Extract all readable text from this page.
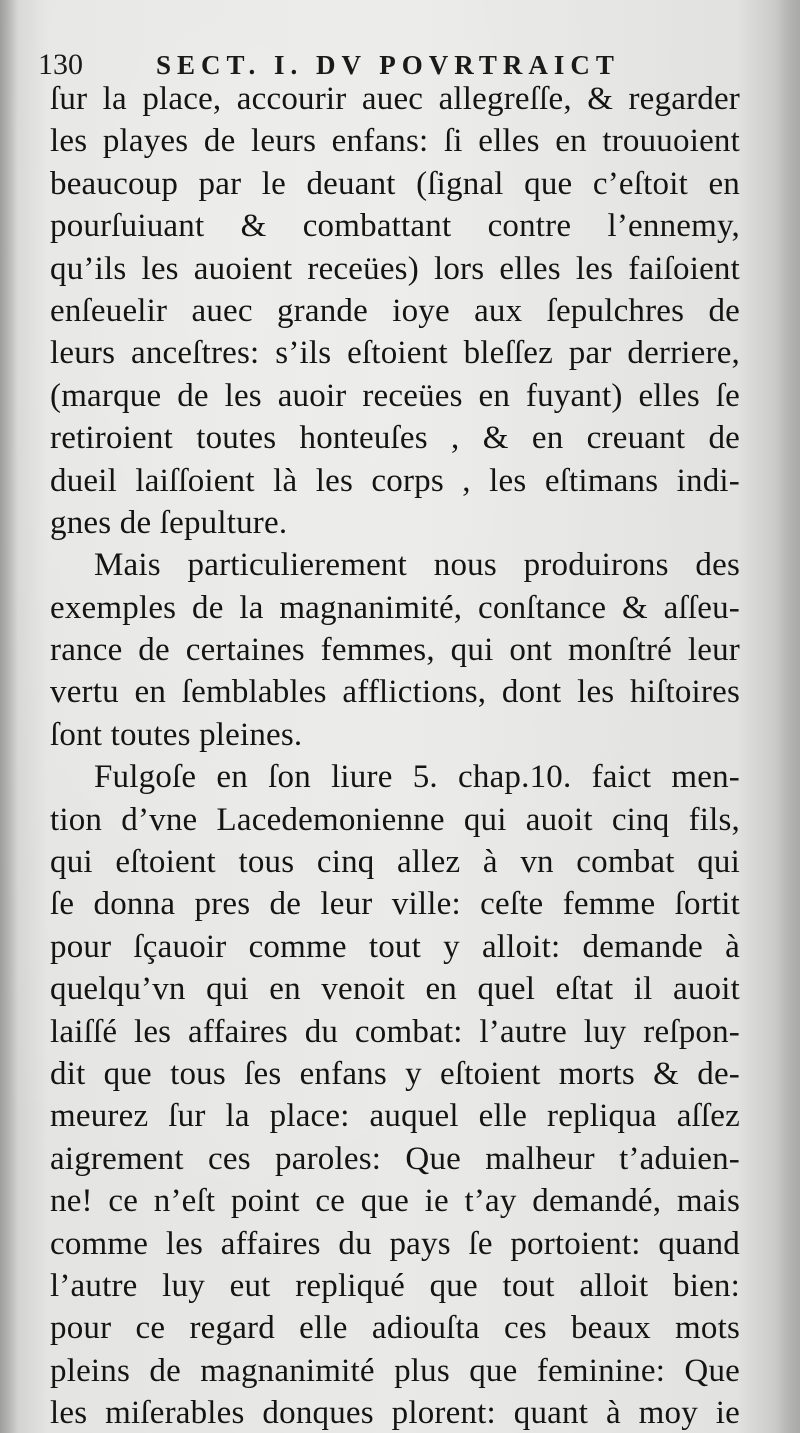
130	SECT. I. DV POVRTRAICT
ſur la place, accourir auec allegreſſe, & regarder
les playes de leurs enfans: ſi elles en trouuoient
beaucoup par le deuant (ſignal que c’eſtoit en
pourſuiuant & combattant contre l’ennemy,
qu’ils les auoient receües) lors elles les faiſoient
enſeuelir auec grande ioye aux ſepulchres de
leurs anceſtres: s’ils eſtoient bleſſez par derriere,
(marque de les auoir receües en fuyant) elles ſe
retiroient toutes honteuſes , & en creuant de
dueil laiſſoient là les corps , les eſtimans indi-
gnes de ſepulture.
Mais particulierement nous produirons des
exemples de la magnanimité, conſtance & aſſeu-
rance de certaines femmes, qui ont monſtré leur
vertu en ſemblables afflictions, dont les hiſtoires
ſont toutes pleines.
Fulgoſe en ſon liure 5. chap.10. faict men-
tion d’vne Lacedemonienne qui auoit cinq fils,
qui eſtoient tous cinq allez à vn combat qui
ſe donna pres de leur ville: ceſte femme ſortit
pour ſçauoir comme tout y alloit: demande à
quelqu’vn qui en venoit en quel eſtat il auoit
laiſſé les affaires du combat: l’autre luy reſpon-
dit que tous ſes enfans y eſtoient morts & de-
meurez ſur la place: auquel elle repliqua aſſez
aigrement ces paroles: Que malheur t’aduien-
ne! ce n’eſt point ce que ie t’ay demandé, mais
comme les affaires du pays ſe portoient: quand
l’autre luy eut repliqué que tout alloit bien:
pour ce regard elle adiouſta ces beaux mots
pleins de magnanimité plus que feminine: Que
les miſerables donques plorent: quant à moy ie
